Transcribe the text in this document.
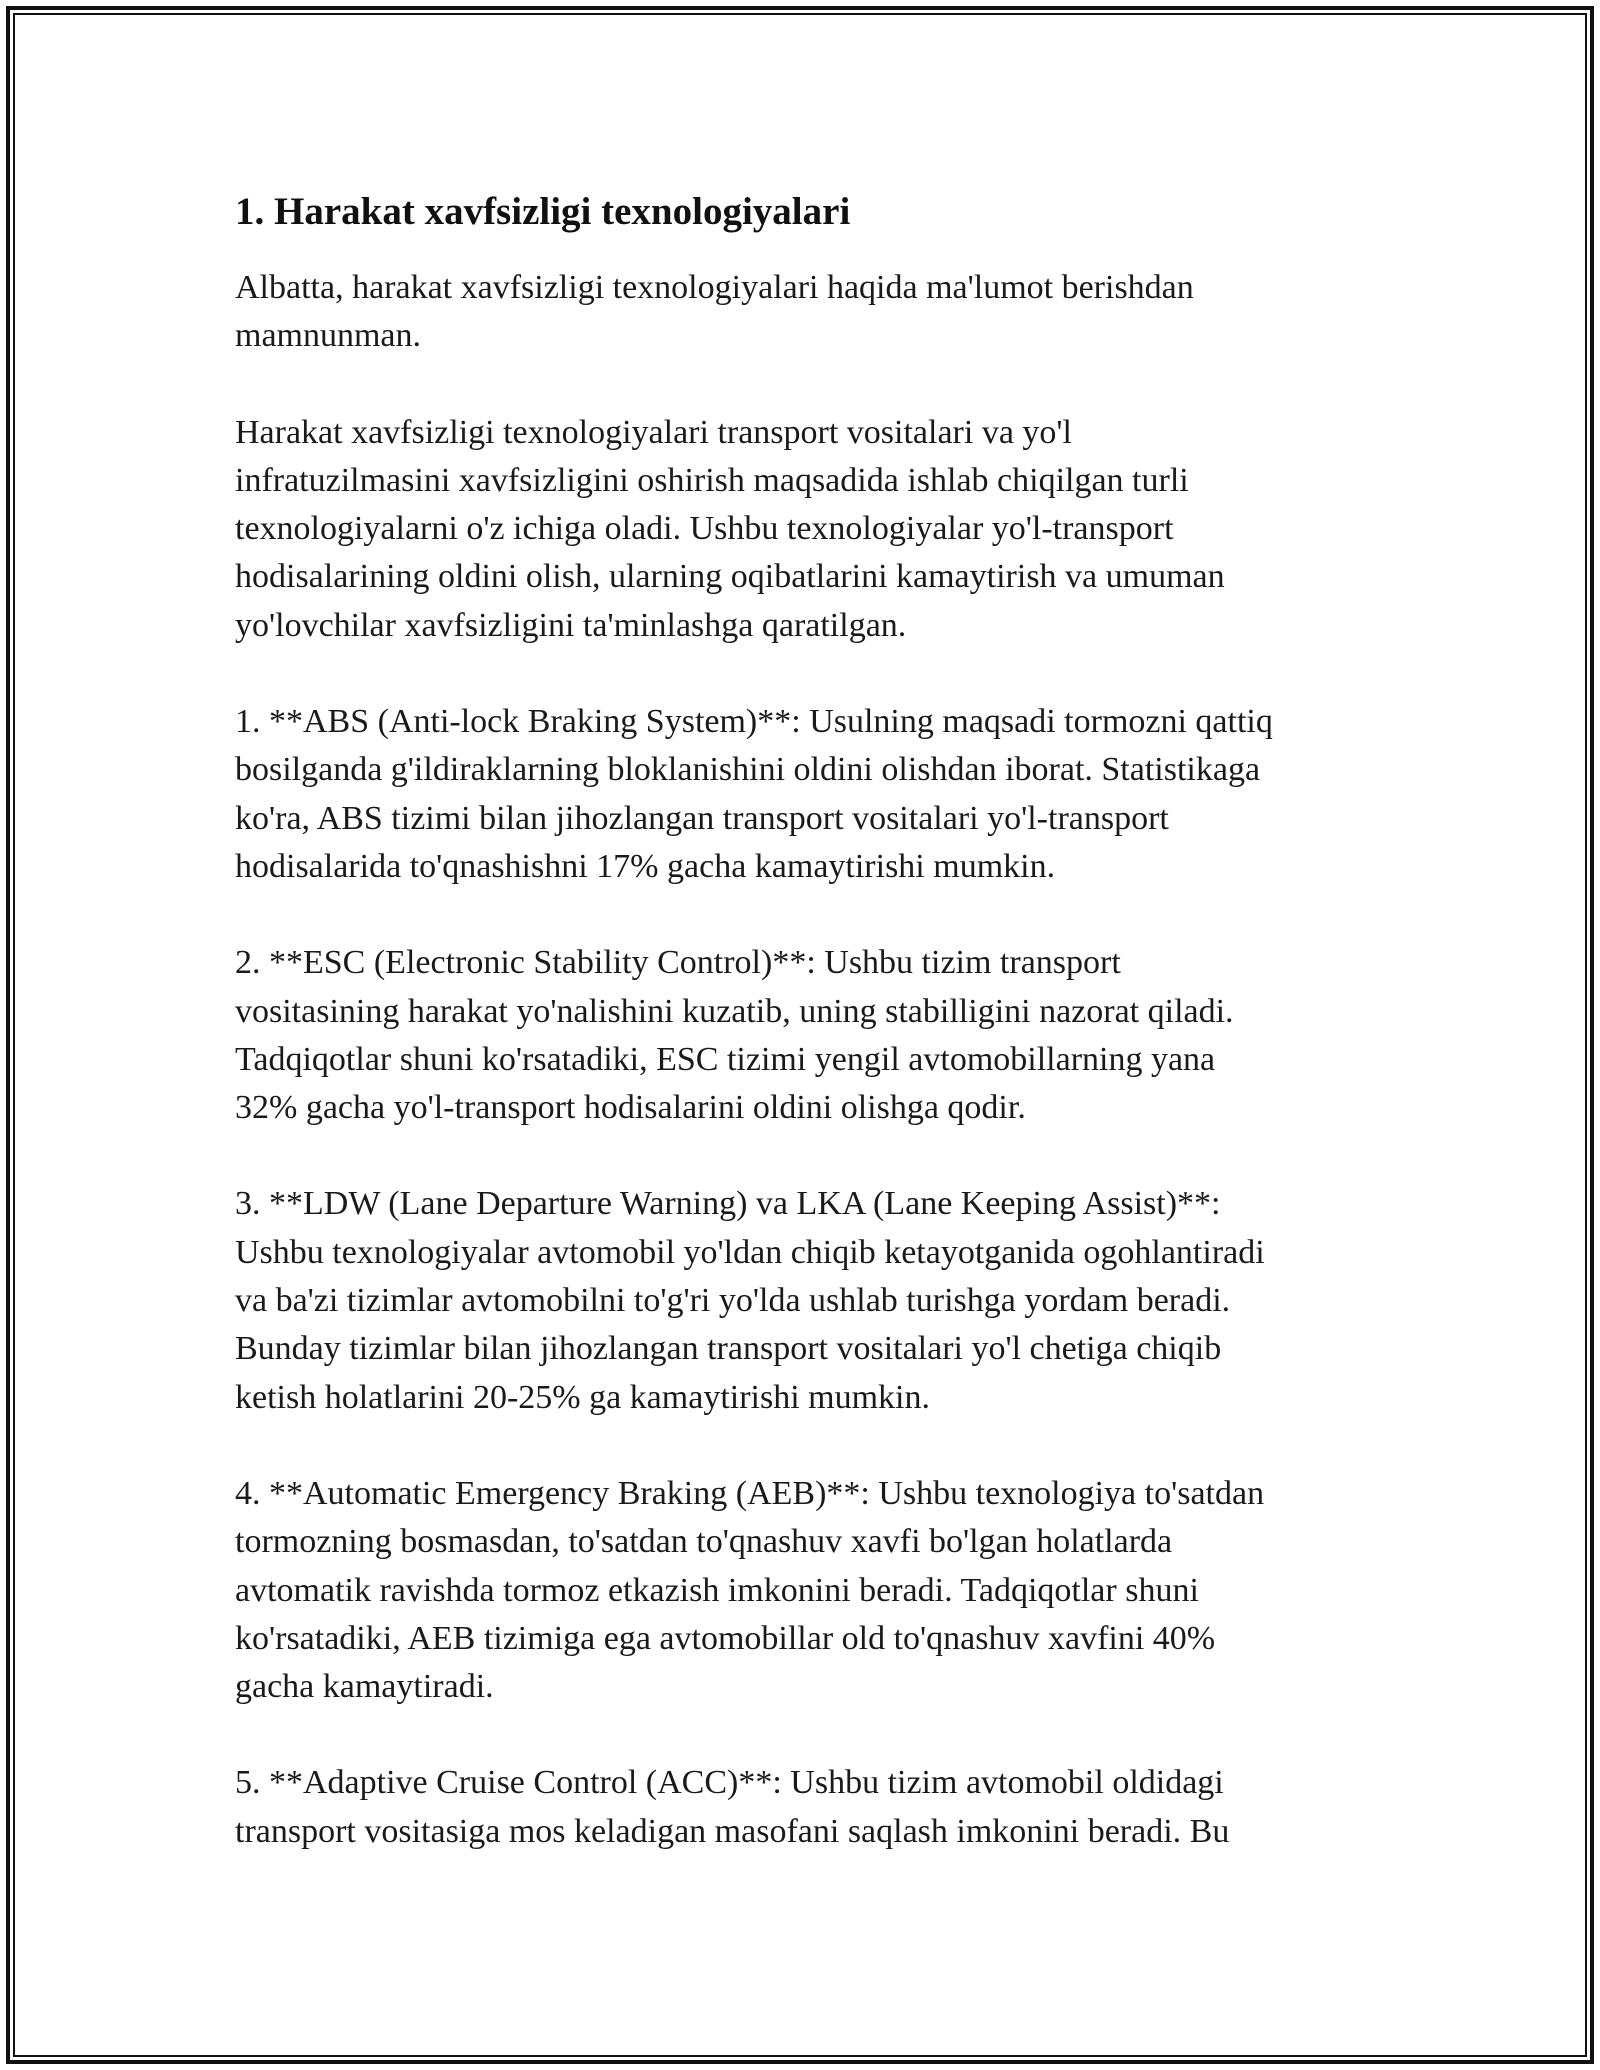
1. Harakat xavfsizligi texnologiyalari

Albatta, harakat xavfsizligi texnologiyalari haqida ma'lumot berishdan
mamnunman.

Harakat xavfsizligi texnologiyalari transport vositalari va yo'l
infratuzilmasini xavfsizligini oshirish maqsadida ishlab chiqilgan turli
texnologiyalarni o'z ichiga oladi. Ushbu texnologiyalar yo'l-transport
hodisalarining oldini olish, ularning oqibatlarini kamaytirish va umuman
yo'lovchilar xavfsizligini ta'minlashga qaratilgan.

1. **ABS (Anti-lock Braking System)**: Usulning maqsadi tormozni qattiq
bosilganda g'ildiraklarning bloklanishini oldini olishdan iborat. Statistikaga
ko'ra, ABS tizimi bilan jihozlangan transport vositalari yo'l-transport
hodisalarida to'qnashishni 17% gacha kamaytirishi mumkin.

2. **ESC (Electronic Stability Control)**: Ushbu tizim transport
vositasining harakat yo'nalishini kuzatib, uning stabilligini nazorat qiladi.
Tadqiqotlar shuni ko'rsatadiki, ESC tizimi yengil avtomobillarning yana
32% gacha yo'l-transport hodisalarini oldini olishga qodir.

3. **LDW (Lane Departure Warning) va LKA (Lane Keeping Assist)**:
Ushbu texnologiyalar avtomobil yo'ldan chiqib ketayotganida ogohlantiradi
va ba'zi tizimlar avtomobilni to'g'ri yo'lda ushlab turishga yordam beradi.
Bunday tizimlar bilan jihozlangan transport vositalari yo'l chetiga chiqib
ketish holatlarini 20-25% ga kamaytirishi mumkin.

4. **Automatic Emergency Braking (AEB)**: Ushbu texnologiya to'satdan
tormozning bosmasdan, to'satdan to'qnashuv xavfi bo'lgan holatlarda
avtomatik ravishda tormoz etkazish imkonini beradi. Tadqiqotlar shuni
ko'rsatadiki, AEB tizimiga ega avtomobillar old to'qnashuv xavfini 40%
gacha kamaytiradi.

5. **Adaptive Cruise Control (ACC)**: Ushbu tizim avtomobil oldidagi
transport vositasiga mos keladigan masofani saqlash imkonini beradi. Bu
